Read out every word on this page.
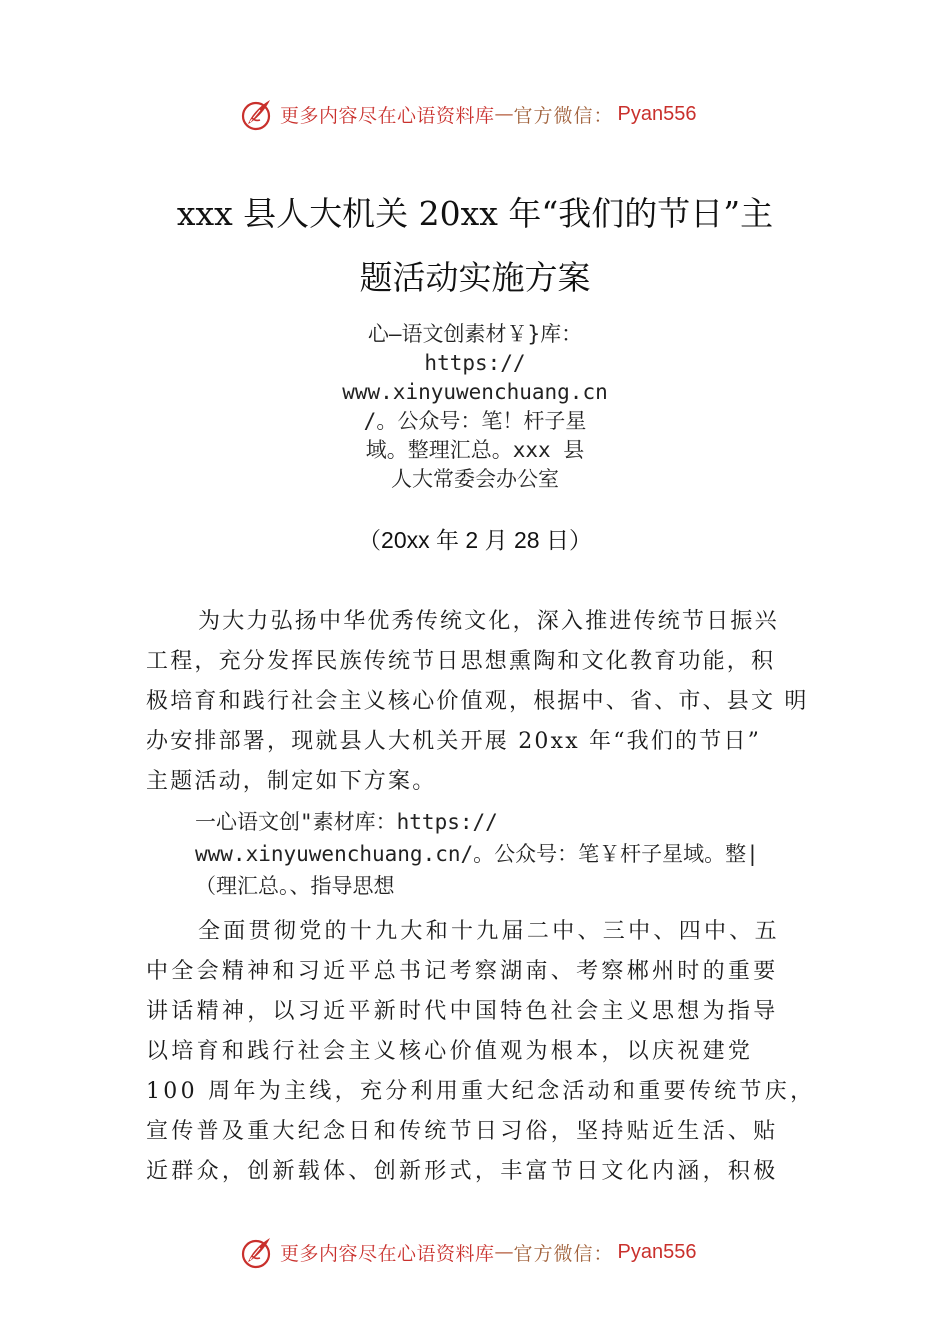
更多内容尽在心语资料库 — 官方微信： Pyan556
xxx 县人大机关 20xx 年“我们的节日”主
题活动实施方案
心—语文创素材￥}库：
https://
www.xinyuwenchuang.cn
/。公众号：笔！杆子星
域。整理汇总。xxx 县
人大常委会办公室
（20xx 年 2 月 28 日）
为大力弘扬中华优秀传统文化，深入推进传统节日振兴
工程，充分发挥民族传统节日思想熏陶和文化教育功能，积
极培育和践行社会主义核心价值观，根据中、省、市、县文 明
办安排部署，现就县人大机关开展 20xx 年“我们的节日”
主题活动，制定如下方案。
一心语文创"素材库：https://
www.xinyuwenchuang.cn/。公众号：笔￥杆子星域。整|
（理汇总。、指导思想
全面贯彻党的十九大和十九届二中、三中、四中、五
中全会精神和习近平总书记考察湖南、考察郴州时的重要
讲话精神，以习近平新时代中国特色社会主义思想为指导
以培育和践行社会主义核心价值观为根本，以庆祝建党
100 周年为主线，充分利用重大纪念活动和重要传统节庆，
宣传普及重大纪念日和传统节日习俗，坚持贴近生活、贴
近群众，创新载体、创新形式，丰富节日文化内涵，积极
更多内容尽在心语资料库 — 官方微信： Pyan556
